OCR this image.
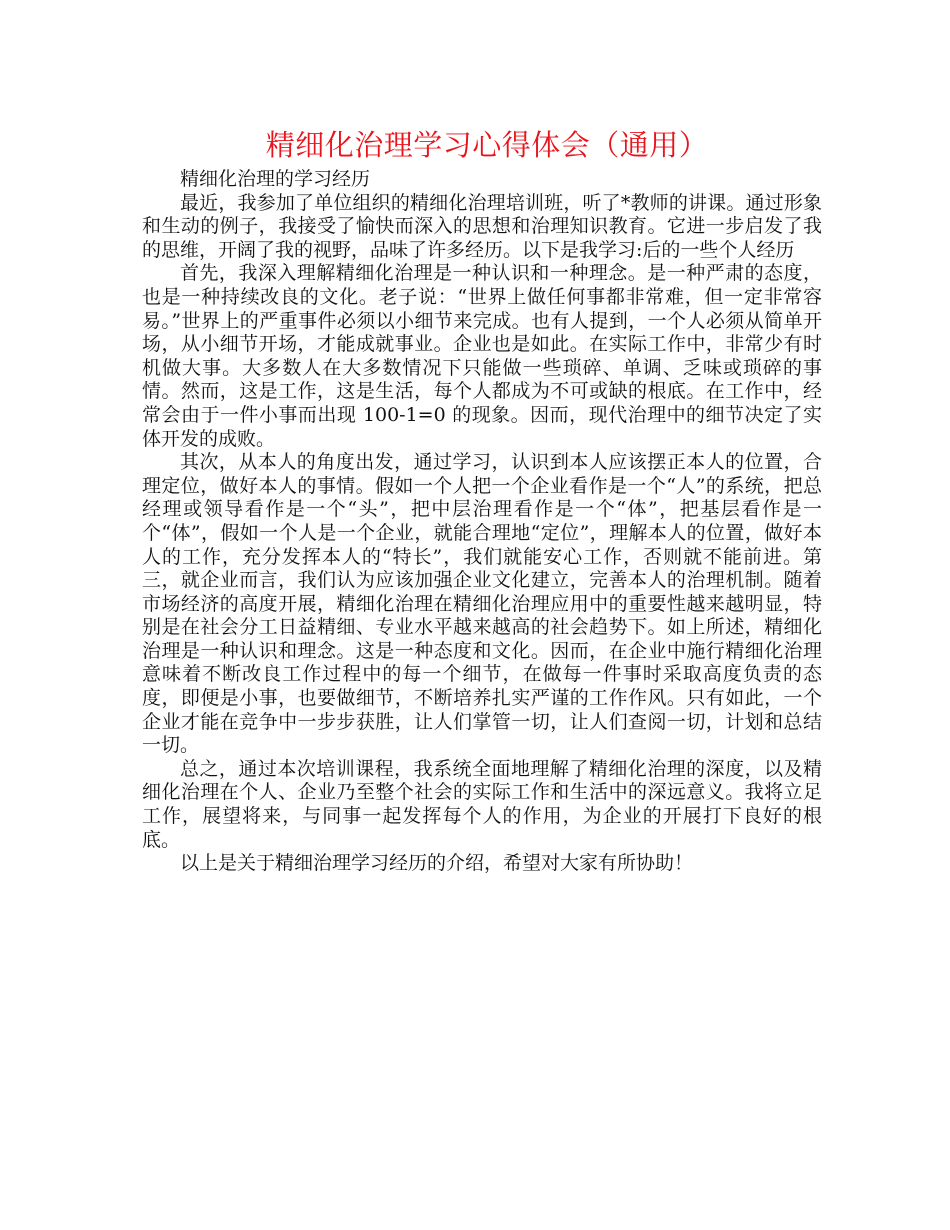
精细化治理学习心得体会（通用）

精细化治理的学习经历

最近，我参加了单位组织的精细化治理培训班，听了*教师的讲课。通过形象和生动的例子，我接受了愉快而深入的思想和治理知识教育。它进一步启发了我的思维，开阔了我的视野，品味了许多经历。以下是我学习:后的一些个人经历

首先，我深入理解精细化治理是一种认识和一种理念。是一种严肃的态度，也是一种持续改良的文化。老子说：“世界上做任何事都非常难，但一定非常容易。”世界上的严重事件必须以小细节来完成。也有人提到，一个人必须从简单开场，从小细节开场，才能成就事业。企业也是如此。在实际工作中，非常少有时机做大事。大多数人在大多数情况下只能做一些琐碎、单调、乏味或琐碎的事情。然而，这是工作，这是生活，每个人都成为不可或缺的根底。在工作中，经常会由于一件小事而出现 100-1=0 的现象。因而，现代治理中的细节决定了实体开发的成败。

其次，从本人的角度出发，通过学习，认识到本人应该摆正本人的位置，合理定位，做好本人的事情。假如一个人把一个企业看作是一个“人”的系统，把总经理或领导看作是一个“头”，把中层治理看作是一个“体”，把基层看作是一个“体”，假如一个人是一个企业，就能合理地“定位”，理解本人的位置，做好本人的工作，充分发挥本人的“特长”，我们就能安心工作，否则就不能前进。第三，就企业而言，我们认为应该加强企业文化建立，完善本人的治理机制。随着市场经济的高度开展，精细化治理在精细化治理应用中的重要性越来越明显，特别是在社会分工日益精细、专业水平越来越高的社会趋势下。如上所述，精细化治理是一种认识和理念。这是一种态度和文化。因而，在企业中施行精细化治理意味着不断改良工作过程中的每一个细节，在做每一件事时采取高度负责的态度，即便是小事，也要做细节，不断培养扎实严谨的工作作风。只有如此，一个企业才能在竞争中一步步获胜，让人们掌管一切，让人们查阅一切，计划和总结一切。

总之，通过本次培训课程，我系统全面地理解了精细化治理的深度，以及精细化治理在个人、企业乃至整个社会的实际工作和生活中的深远意义。我将立足工作，展望将来，与同事一起发挥每个人的作用，为企业的开展打下良好的根底。

以上是关于精细治理学习经历的介绍，希望对大家有所协助！
